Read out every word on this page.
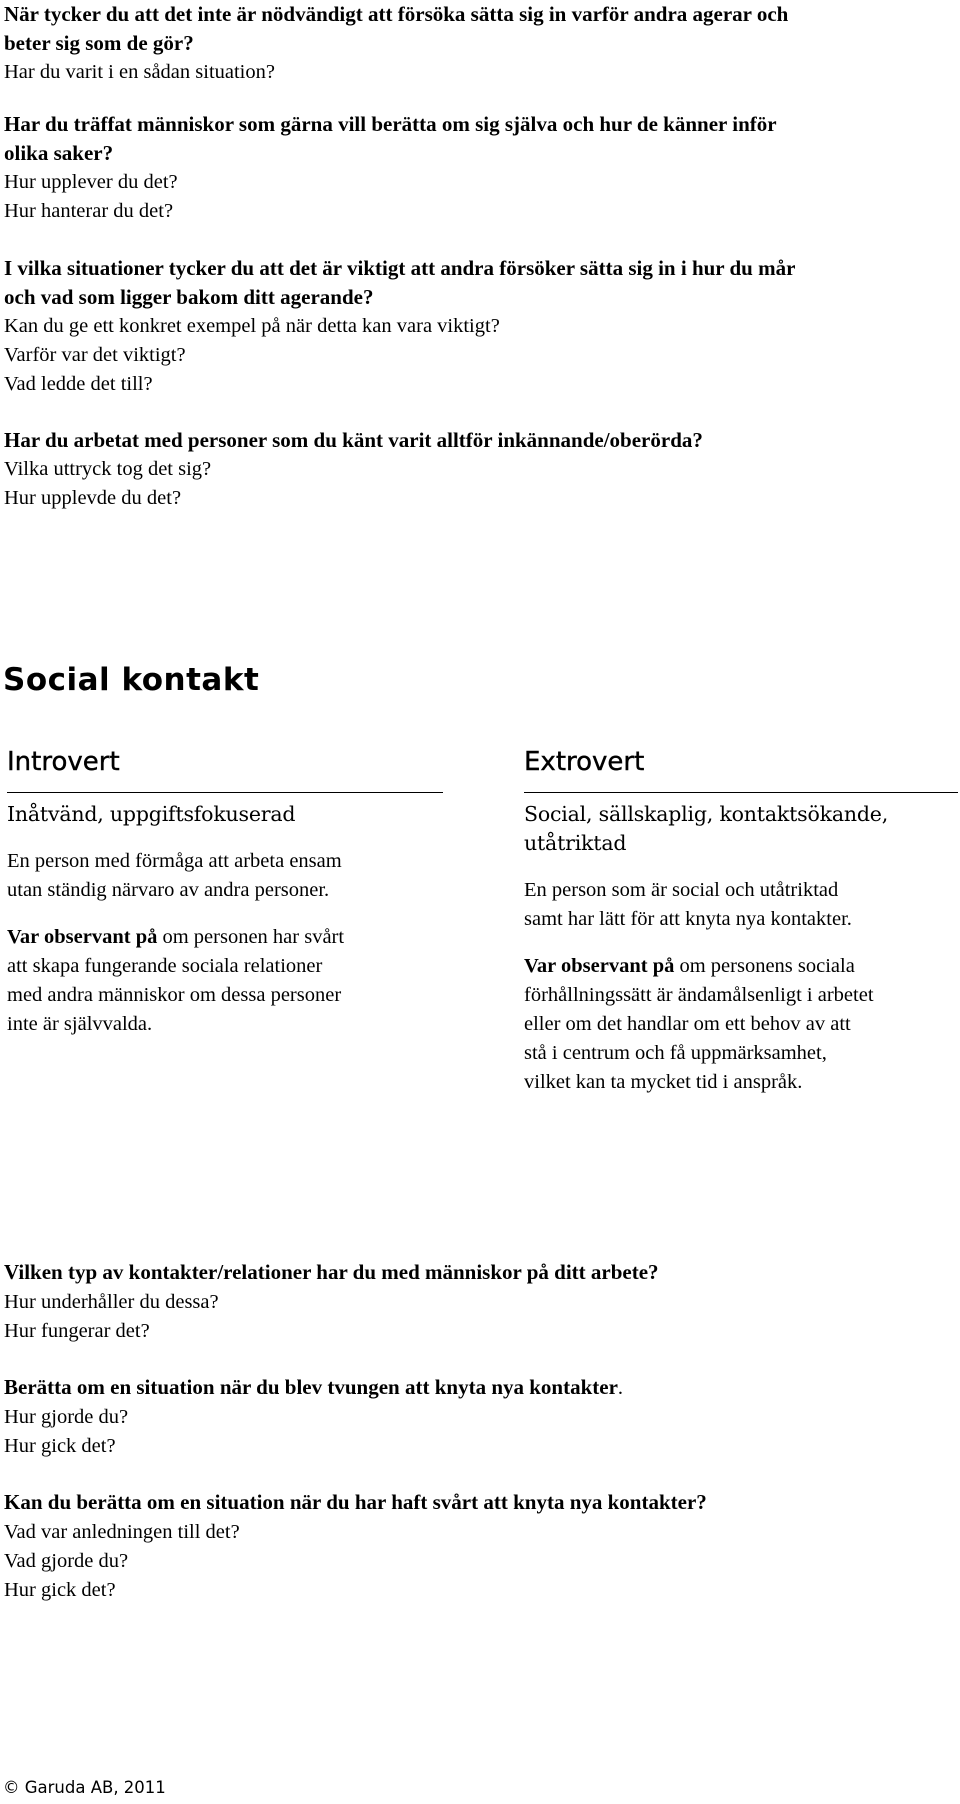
När tycker du att det inte är nödvändigt att försöka sätta sig in varför andra agerar och

beter sig som de gör?

Har du varit i en sådan situation?

Har du träffat människor som gärna vill berätta om sig själva och hur de känner inför

olika saker?

Hur upplever du det?

Hur hanterar du det?

I vilka situationer tycker du att det är viktigt att andra försöker sätta sig in i hur du mår

och vad som ligger bakom ditt agerande?

Kan du ge ett konkret exempel på när detta kan vara viktigt?

Varför var det viktigt?

Vad ledde det till?

Har du arbetat med personer som du känt varit alltför inkännande/oberörda?

Vilka uttryck tog det sig?

Hur upplevde du det?

Social kontakt
Introvert	Extrovert

Inåtvänd, uppgiftsfokuserad

En person med förmåga att arbeta ensam

utan ständig närvaro av andra personer.

Var observant på om personen har svårt

att skapa fungerande sociala relationer

med andra människor om dessa personer

inte är självvalda.

Social, sällskaplig, kontaktsökande,

utåtriktad

En person som är social och utåtriktad

samt har lätt för att knyta nya kontakter.

Var observant på om personens sociala

förhållningssätt är ändamålsenligt i arbetet

eller om det handlar om ett behov av att

stå i centrum och få uppmärksamhet,

vilket kan ta mycket tid i anspråk.

Vilken typ av kontakter/relationer har du med människor på ditt arbete?

Hur underhåller du dessa?

Hur fungerar det?

Berätta om en situation när du blev tvungen att knyta nya kontakter.

Hur gjorde du?

Hur gick det?

Kan du berätta om en situation när du har haft svårt att knyta nya kontakter?

Vad var anledningen till det?

Vad gjorde du?

Hur gick det?

© Garuda AB, 2011
